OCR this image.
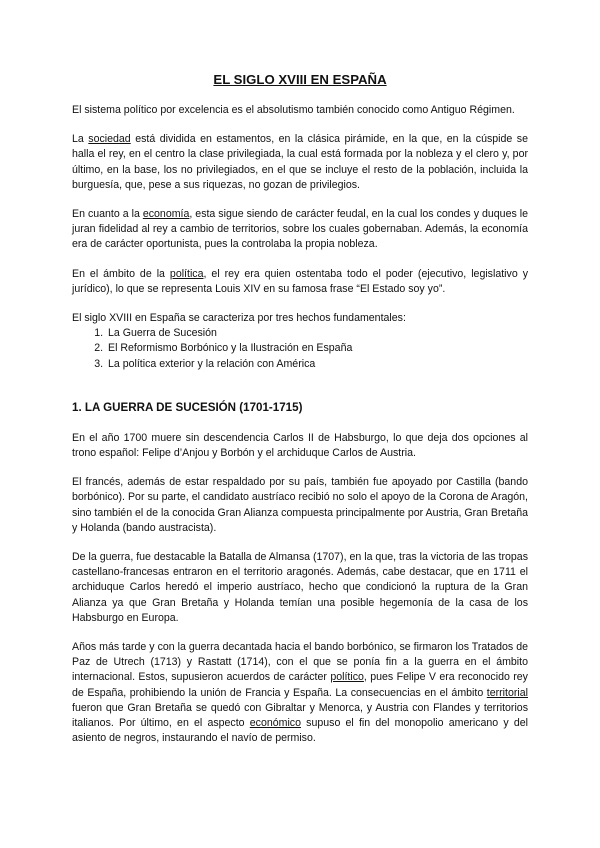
EL SIGLO XVIII EN ESPAÑA

El sistema político por excelencia es el absolutismo también conocido como Antiguo Régimen.

La sociedad está dividida en estamentos, en la clásica pirámide, en la que, en la cúspide se halla el rey, en el centro la clase privilegiada, la cual está formada por la nobleza y el clero y, por último, en la base, los no privilegiados, en el que se incluye el resto de la población, incluida la burguesía, que, pese a sus riquezas, no gozan de privilegios.

En cuanto a la economía, esta sigue siendo de carácter feudal, en la cual los condes y duques le juran fidelidad al rey a cambio de territorios, sobre los cuales gobernaban. Además, la economía era de carácter oportunista, pues la controlaba la propia nobleza.

En el ámbito de la política, el rey era quien ostentaba todo el poder (ejecutivo, legislativo y jurídico), lo que se representa Louis XIV en su famosa frase “El Estado soy yo”.

El siglo XVIII en España se caracteriza por tres hechos fundamentales:

1. La Guerra de Sucesión
2. El Reformismo Borbónico y la Ilustración en España
3. La política exterior y la relación con América
1. LA GUERRA DE SUCESIÓN (1701-1715)

En el año 1700 muere sin descendencia Carlos II de Habsburgo, lo que deja dos opciones al trono español: Felipe d’Anjou y Borbón y el archiduque Carlos de Austria.

El francés, además de estar respaldado por su país, también fue apoyado por Castilla (bando borbónico). Por su parte, el candidato austríaco recibió no solo el apoyo de la Corona de Aragón, sino también el de la conocida Gran Alianza compuesta principalmente por Austria, Gran Bretaña y Holanda (bando austracista).

De la guerra, fue destacable la Batalla de Almansa (1707), en la que, tras la victoria de las tropas castellano-francesas entraron en el territorio aragonés. Además, cabe destacar, que en 1711 el archiduque Carlos heredó el imperio austríaco, hecho que condicionó la ruptura de la Gran Alianza ya que Gran Bretaña y Holanda temían una posible hegemonía de la casa de los Habsburgo en Europa.

Años más tarde y con la guerra decantada hacia el bando borbónico, se firmaron los Tratados de Paz de Utrech (1713) y Rastatt (1714), con el que se ponía fin a la guerra en el ámbito internacional. Estos, supusieron acuerdos de carácter político, pues Felipe V era reconocido rey de España, prohibiendo la unión de Francia y España. La consecuencias en el ámbito territorial fueron que Gran Bretaña se quedó con Gibraltar y Menorca, y Austria con Flandes y territorios italianos. Por último, en el aspecto económico supuso el fin del monopolio americano y del asiento de negros, instaurando el navío de permiso.
